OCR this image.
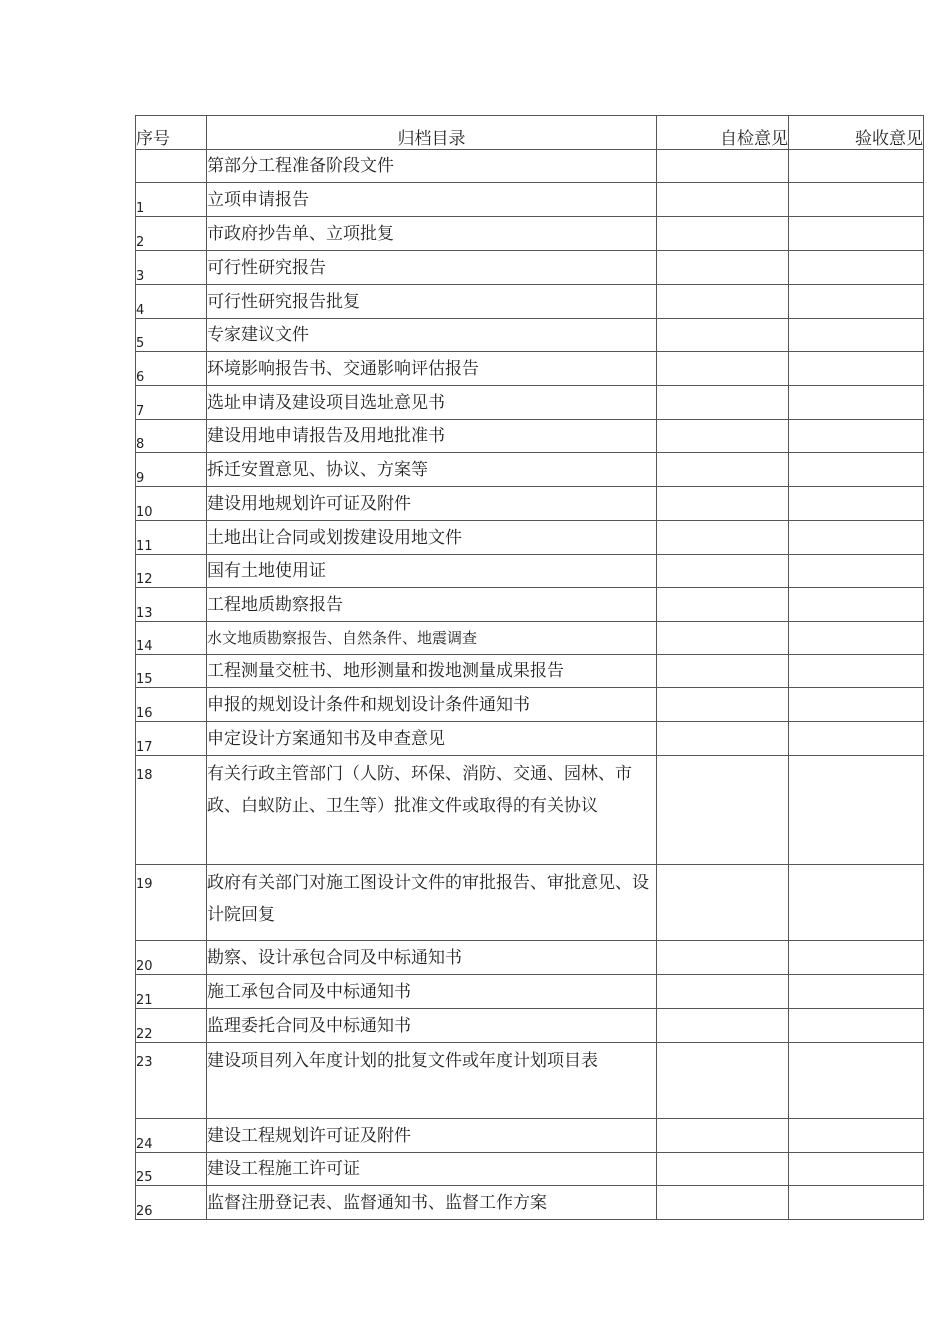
序号	归档目录	自检意见	验收意见
	第部分工程准备阶段文件		
1	立项申请报告		
2	市政府抄告单、立项批复		
3	可行性研究报告		
4	可行性研究报告批复		
5	专家建议文件		
6	环境影响报告书、交通影响评估报告		
7	选址申请及建设项目选址意见书		
8	建设用地申请报告及用地批准书		
9	拆迁安置意见、协议、方案等		
10	建设用地规划许可证及附件		
11	土地出让合同或划拨建设用地文件		
12	国有土地使用证		
13	工程地质勘察报告		
14	水文地质勘察报告、自然条件、地震调查		
15	工程测量交桩书、地形测量和拨地测量成果报告		
16	申报的规划设计条件和规划设计条件通知书		
17	申定设计方案通知书及申查意见		
18	有关行政主管部门（人防、环保、消防、交通、园林、市政、白蚁防止、卫生等）批准文件或取得的有关协议		
19	政府有关部门对施工图设计文件的审批报告、审批意见、设计院回复		
20	勘察、设计承包合同及中标通知书		
21	施工承包合同及中标通知书		
22	监理委托合同及中标通知书		
23	建设项目列入年度计划的批复文件或年度计划项目表		
24	建设工程规划许可证及附件		
25	建设工程施工许可证		
26	监督注册登记表、监督通知书、监督工作方案		
